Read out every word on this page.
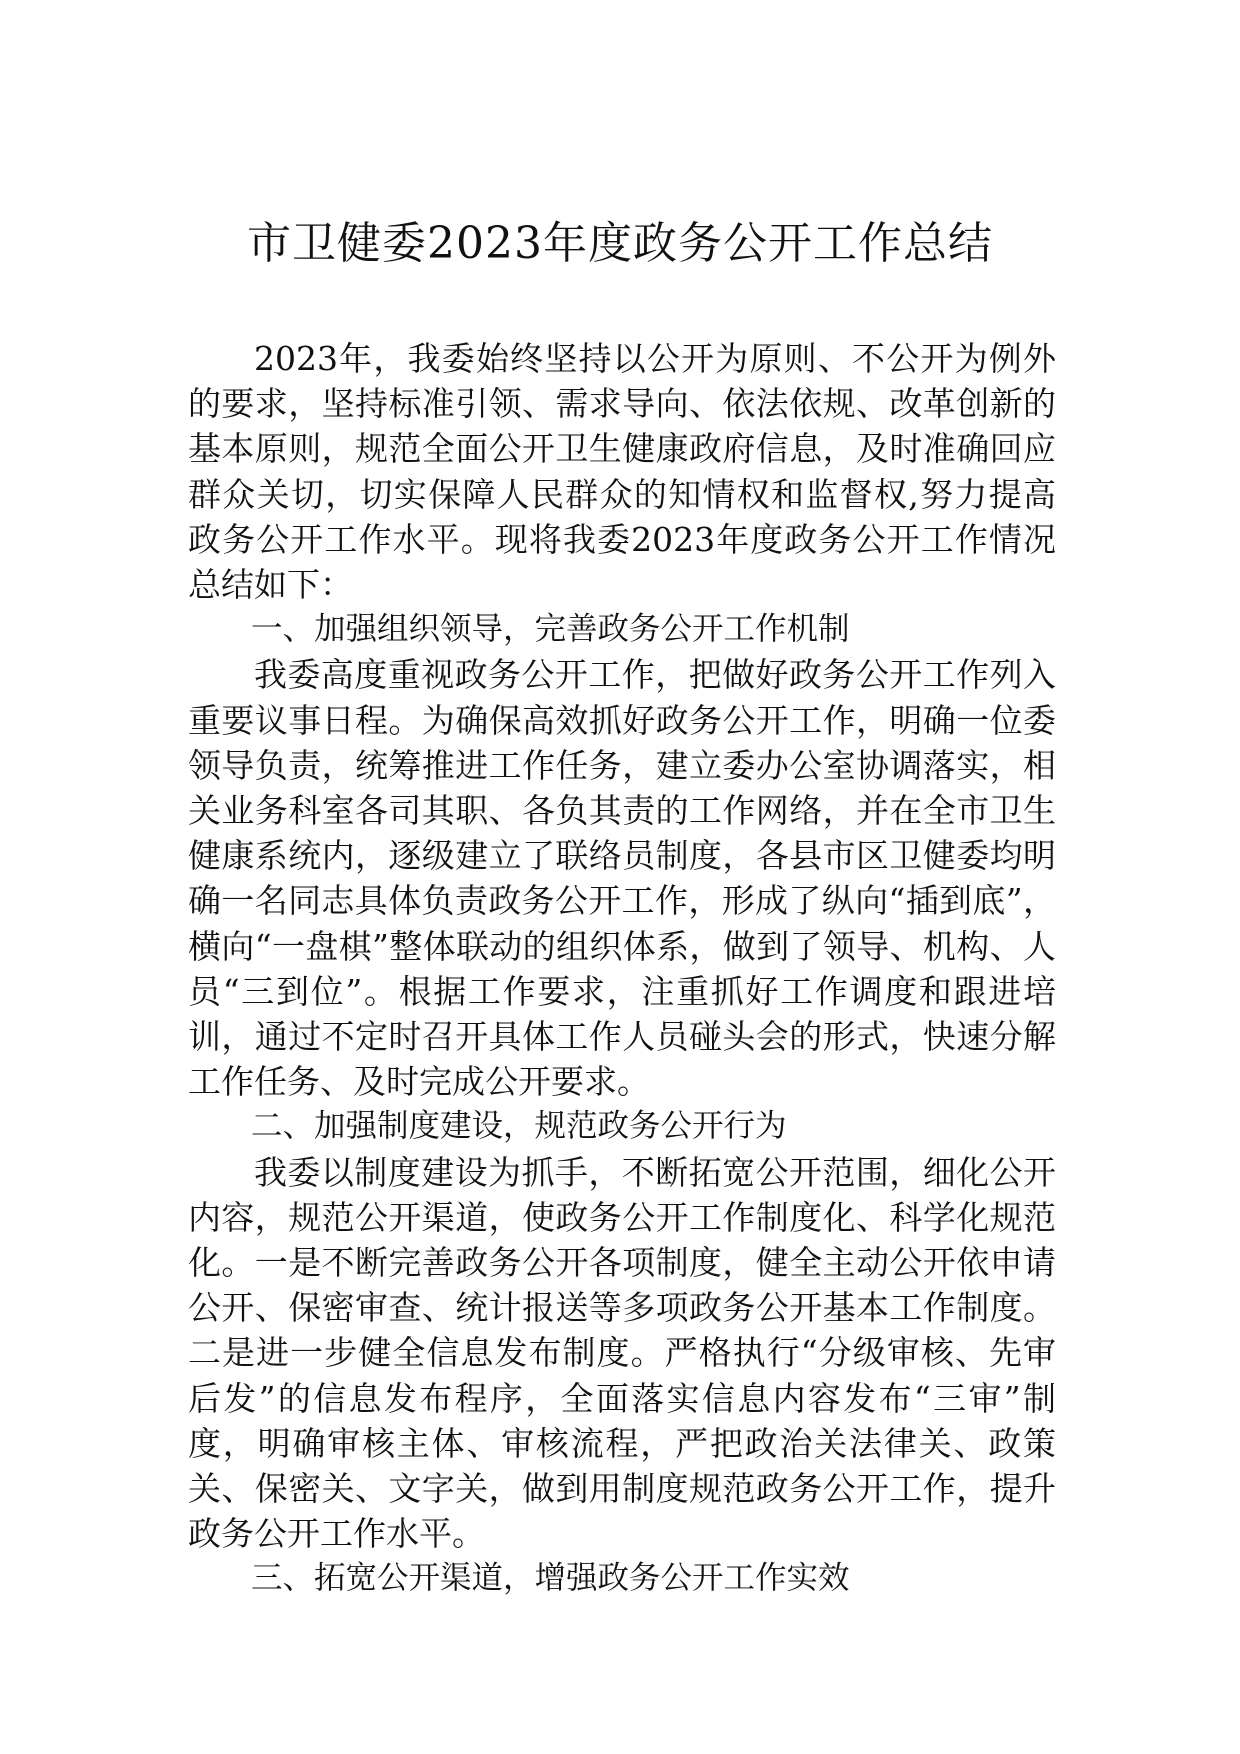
市卫健委2023年度政务公开工作总结

2023年，我委始终坚持以公开为原则、不公开为例外的要求，坚持标准引领、需求导向、依法依规、改革创新的基本原则，规范全面公开卫生健康政府信息，及时准确回应群众关切，切实保障人民群众的知情权和监督权,努力提高政务公开工作水平。现将我委2023年度政务公开工作情况总结如下：

一、加强组织领导，完善政务公开工作机制

我委高度重视政务公开工作，把做好政务公开工作列入重要议事日程。为确保高效抓好政务公开工作，明确一位委领导负责，统筹推进工作任务，建立委办公室协调落实，相关业务科室各司其职、各负其责的工作网络，并在全市卫生健康系统内，逐级建立了联络员制度，各县市区卫健委均明确一名同志具体负责政务公开工作，形成了纵向“插到底”，横向“一盘棋”整体联动的组织体系，做到了领导、机构、人员“三到位”。根据工作要求，注重抓好工作调度和跟进培训，通过不定时召开具体工作人员碰头会的形式，快速分解工作任务、及时完成公开要求。

二、加强制度建设，规范政务公开行为

我委以制度建设为抓手，不断拓宽公开范围，细化公开内容，规范公开渠道，使政务公开工作制度化、科学化规范化。一是不断完善政务公开各项制度，健全主动公开依申请公开、保密审查、统计报送等多项政务公开基本工作制度。二是进一步健全信息发布制度。严格执行“分级审核、先审后发”的信息发布程序，全面落实信息内容发布“三审”制度，明确审核主体、审核流程，严把政治关法律关、政策关、保密关、文字关，做到用制度规范政务公开工作，提升政务公开工作水平。

三、拓宽公开渠道，增强政务公开工作实效
